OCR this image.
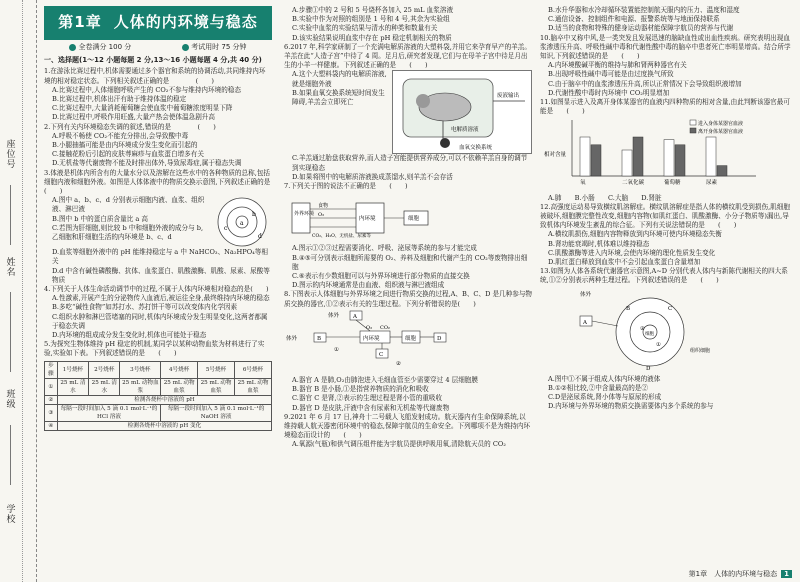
座位号
姓名
班级
学校
第1章 人体的内环境与稳态
全卷满分 100 分	考试用时 75 分钟
一、选择题(1～12 小题每题 2 分,13～16 小题每题 4 分,共 40 分)

1.在游泳比赛过程中,机体需要通过多个器官和系统的协调活动,共同维持内环境的相对稳定状态。下列相关叙述正确的是　　　　(　　)

A.比赛过程中,人体细胞呼吸产生的 CO₂不参与维持内环境的稳态

B.比赛过程中,机体出汗有助于维持体温的稳定

C.比赛过程中,大量消耗葡萄糖会使血浆中葡萄糖浓度明显下降

D.比赛过程中,呼吸作用旺盛,大量产热会使体温急剧升高

2.下列有关内环境稳态失调的叙述,错误的是　　　　(　　)

A.呼吸不畅使 CO₂不能充分排出,会导致酸中毒

B.小腿抽搐可能是由内环境成分发生变化而引起的

C.接触花粉后引起的皮肤荨麻疹与血浆蛋白增多有关

D.无机盐等代谢废物不能及时排出体外,导致尿毒症,属于稳态失调

3.体液是机体内所含有的大量水分以及溶解在这些水中的各种物质的总称,包括细胞内液和细胞外液。如图是人体体液中的物质交换示意图,下列叙述正确的是　　(　　)

A.图中 a、b、c、d 分别表示细胞内液、血浆、组织液、淋巴液

B.图中 b 中的蛋白质含量比 a 高

C.若图为肝细胞,则比较 b 中和细胞外液的成分与 b,乙细胞和肝细胞生活的内环境是 b、c、d

a
b
c
d

D.血浆等细胞外液中的 pH 能维持稳定与 a 中 NaHCO₃、Na₂HPO₄等相关

D.d 中含有碱性磷酸酶、抗体、血浆蛋白、肌酸激酶、肌酸、尿素、尿酸等物质

4.下列关于人体生命活动调节中的过程,不属于人体内环境相对稳态的是(　　)

A.性激素,开展产生的分泌物传入血液后,被运往全身,最终维持内环境的稳态

B.多吃“碱性食物”如苏打水、苏打饼干等可以改变体内化学因素

C.组织水肿和淋巴管堵塞的同时,机体内环境成分发生明显变化,这两者都属于稳态失调

D.内环境的组成成分发生变化时,机体也可能处于稳态

5.为探究生物体维持 pH 稳定的机制,某同学以某种动物血浆为材料进行了实验,实验如下表。下列叙述错误的是　　(　　)

步骤	1号烧杯	2号烧杯	3号烧杯	4号烧杯	5号烧杯	6号烧杯
①	25 mL 清水	25 mL 清水	25 mL 动物血浆	25 mL 动物血浆	25 mL 动物血浆	25 mL 动物血浆
②	检测各烧杯中溶液的 pH					
③	每隔一段时间加入 5 滴 0.1 mol·L⁻¹的 HCl 溶液			每隔一段时间加入 5 滴 0.1 mol·L⁻¹的 NaOH 溶液		
④	检测各烧杯中溶液的 pH 变化					

A.步骤①中的 2 号和 5 号烧杯各加入 25 mL 血浆溶液

B.实验中作为对照的组别是 1 号和 4 号,其余为实验组

C.实验中血浆的实验结果与清水的种类和数量有关

D.该实验结果说明血浆中存在 pH 稳定机制相关的物质

6.2017 年,科学家研制了一个充满电解质溶液的大塑料袋,并用它来孕育早产的羊羔。羊羔在此“人造子宫”中待了 4 周。足月后,研究者发现,它们与在母羊子宫中待足月出生的小羊一样健康。下列叙述正确的是　　(　　)

A.这个大塑料袋内的电解质溶液,就是细胞外液

B.如果血氧交换系统短时间发生障碍,羊羔会立即死亡

电解质溶液
废液输出
血氧交换系统

C.羊羔通过胎盘获取营养,而人造子宫能提供营养成分,可以不依赖羊羔自身的调节到实现稳态

D.如果将图中的电解质溶液换成蒸馏水,则羊羔不会存活

7.下列关于图的说法不正确的是　　(　　)

外界环境
内环境	细胞
食物
O₂
CO₂、H₂O、无机盐、尿素等

A.图示①②③过程需要消化、呼吸、泌尿等系统的参与才能完成

B.④⑤可分别表示细胞所需要的 O₂、养料及细胞和代谢产生的 CO₂等废物排出细胞

C.⑥表示有少数细胞可以与外界环境进行部分物质的直接交换

D.图示的内环境通常是由血液、组织液与淋巴液组成

8.下图表示人体细胞与外界环境之间进行物质交换的过程,A、B、C、D 是几种参与物质交换的器官,①②表示有关的生理过程。下列分析错误的是(　　)

体外	A
B
C
D
体外
①
②
O₂ CO₂
内环境	细胞

A.器官 A 是肺,O₂由肺泡进入毛细血管至少需要穿过 4 层细胞膜

B.器官 B 是小肠,①是指营养物质的消化和吸收

C.器官 C 是肾,②表示的生理过程是肾小管的重吸收

D.器官 D 是皮肤,汗液中含有尿素和无机盐等代谢废物

9.2021 年 6 月 17 日,神舟十二号载人飞船发射成功。航天器内有生命保障系统,以维持载人航天器密闭环境中的稳态,保障宇航员的生命安全。下列哪项不是为维持内环境稳态而设计的　　(　　)

A.氧源(气瓶)和供气调压组件能为宇航员提供呼吸用氧,清除航天员的 CO₂

B.水升华器和水冷却循环装置能控制航天服内的压力、温度和湿度

C.通信设备、控制组件和电源、报警系统等与地面保持联系

D.适当的食物和特殊的健身运动器材能保障宇航员的营养与代谢

10.脑卒中又称中风,是一类突发且发展迅速的脑缺血性或出血性疾病。研究表明出现血浆渗透压升高、呼吸性碱中毒和代谢性酸中毒的脑卒中患者死亡率明显增高。结合所学知识,下列叙述错误的是　　(　　)

A.内环境酸碱平衡的维持与肺和肾两种器官有关

B.出现呼吸性碱中毒可能是由过度换气所致

C.由于脑卒中的血浆渗透压升高,所以正常情况下会导致组织液增加

D.代谢性酸中毒时内环境中 CO₂明显增加

11.如图显示进入及离开身体某器官的血液内四种物质的相对含量,由此判断该器官最可能是　　(　　)

相对含量
进入身体某器官血液
离开身体某器官血液
氧	二氧化碳	葡萄糖	尿素

A.肺　　B.小肠　　C.大脑　　D.肾脏

12.高强度运动易导致横纹肌溶解症。横纹肌溶解症是指人体的横纹肌受到损伤,肌细胞被破坏,细胞膜完整性改变,细胞内容物(如肌红蛋白、肌酸激酶、小分子物质等)漏出,导致机体内环境发生紊乱的综合征。下列有关说法错误的是　　(　　)

A.横纹肌损伤,细胞内容物释放到内环境可使内环境稳态失衡

B.肾功能衰竭时,机体难以维持稳态

C.肌酸激酶等进入内环境,会使内环境的理化性质发生变化

D.肌红蛋白释放到血浆中不会引起血浆蛋白含量增加

13.如图为人体各系统代谢器官示意图,A~D 分别代表人体内与新陈代谢相关的四大系统,①②分别表示两种生理过程。下列叙述错误的是　　(　　)

体外
A
B	C
D
②
①
细胞
组织细胞

A.图中①不属于组成人体内环境的液体

B.①②相比较,②中含量最高的是②

C.D是泌尿系统,肾小体等与原尿的形成

D.内环境与外界环境的物质交换需要体内多个系统的参与

第1章　人体的内环境与稳态	1
